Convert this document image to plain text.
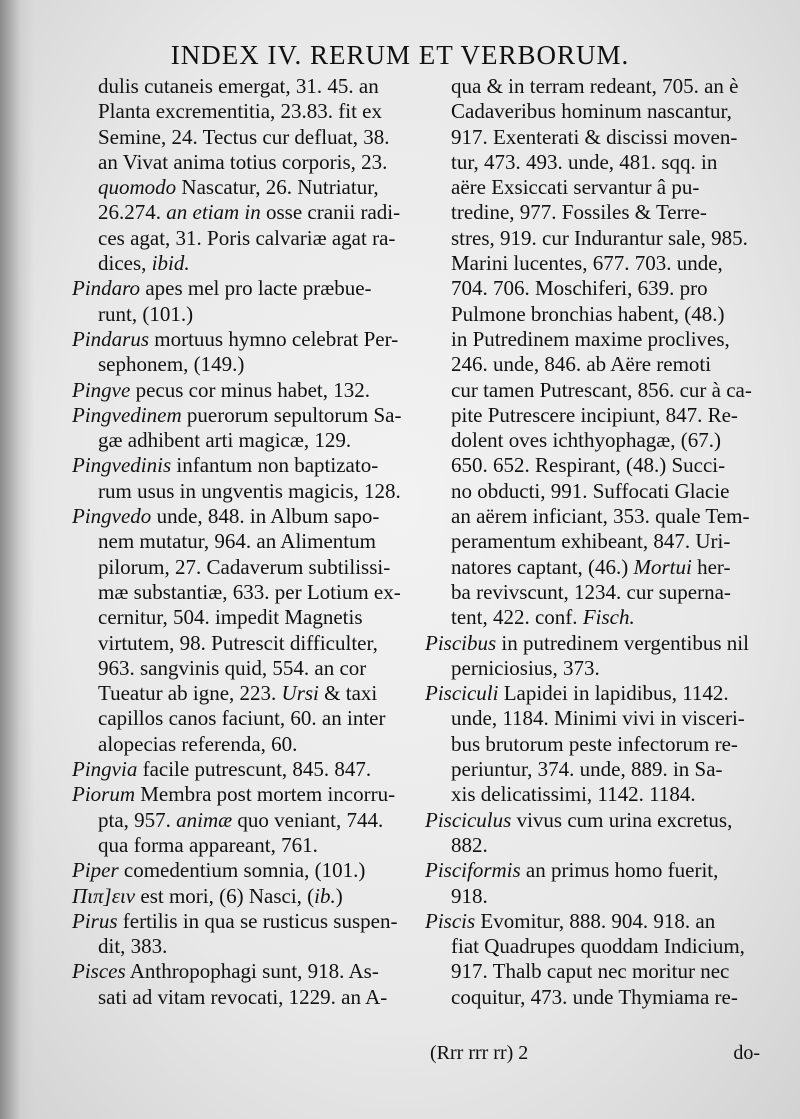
INDEX IV. RERUM ET VERBORUM.
dulis cutaneis emergat, 31. 45. an
Planta excrementitia, 23.83. fit ex
Semine, 24. Tectus cur defluat, 38.
an Vivat anima totius corporis, 23.
quomodo Nascatur, 26. Nutriatur,
26.274. an etiam in osse cranii radi-
ces agat, 31. Poris calvariæ agat ra-
dices, ibid.
Pindaro apes mel pro lacte præbue-
runt, (101.)
Pindarus mortuus hymno celebrat Per-
sephonem, (149.)
Pingve pecus cor minus habet, 132.
Pingvedinem puerorum sepultorum Sa-
gæ adhibent arti magicæ, 129.
Pingvedinis infantum non baptizato-
rum usus in ungventis magicis, 128.
Pingvedo unde, 848. in Album sapo-
nem mutatur, 964. an Alimentum
pilorum, 27. Cadaverum subtilissi-
mæ substantiæ, 633. per Lotium ex-
cernitur, 504. impedit Magnetis
virtutem, 98. Putrescit difficulter,
963. sangvinis quid, 554. an cor
Tueatur ab igne, 223. Ursi & taxi
capillos canos faciunt, 60. an inter
alopecias referenda, 60.
Pingvia facile putrescunt, 845. 847.
Piorum Membra post mortem incorru-
pta, 957. animæ quo veniant, 744.
qua forma appareant, 761.
Piper comedentium somnia, (101.)
Πιπ]ειν est mori, (6) Nasci, (ib.)
Pirus fertilis in qua se rusticus suspen-
dit, 383.
Pisces Anthropophagi sunt, 918. As-
sati ad vitam revocati, 1229. an A-
qua & in terram redeant, 705. an è
Cadaveribus hominum nascantur,
917. Exenterati & discissi moven-
tur, 473. 493. unde, 481. sqq. in
aëre Exsiccati servantur â pu-
tredine, 977. Fossiles & Terre-
stres, 919. cur Indurantur sale, 985.
Marini lucentes, 677. 703. unde,
704. 706. Moschiferi, 639. pro
Pulmone bronchias habent, (48.)
in Putredinem maxime proclives,
246. unde, 846. ab Aëre remoti
cur tamen Putrescant, 856. cur à ca-
pite Putrescere incipiunt, 847. Re-
dolent oves ichthyophagæ, (67.)
650. 652. Respirant, (48.) Succi-
no obducti, 991. Suffocati Glacie
an aërem inficiant, 353. quale Tem-
peramentum exhibeant, 847. Uri-
natores captant, (46.) Mortui her-
ba revivscunt, 1234. cur superna-
tent, 422. conf. Fisch.
Piscibus in putredinem vergentibus nil
perniciosius, 373.
Pisciculi Lapidei in lapidibus, 1142.
unde, 1184. Minimi vivi in visceri-
bus brutorum peste infectorum re-
periuntur, 374. unde, 889. in Sa-
xis delicatissimi, 1142. 1184.
Pisciculus vivus cum urina excretus,
882.
Pisciformis an primus homo fuerit,
918.
Piscis Evomitur, 888. 904. 918. an
fiat Quadrupes quoddam Indicium,
917. Thalb caput nec moritur nec
coquitur, 473. unde Thymiama re-
(Rrr rrr rr) 2	do-
